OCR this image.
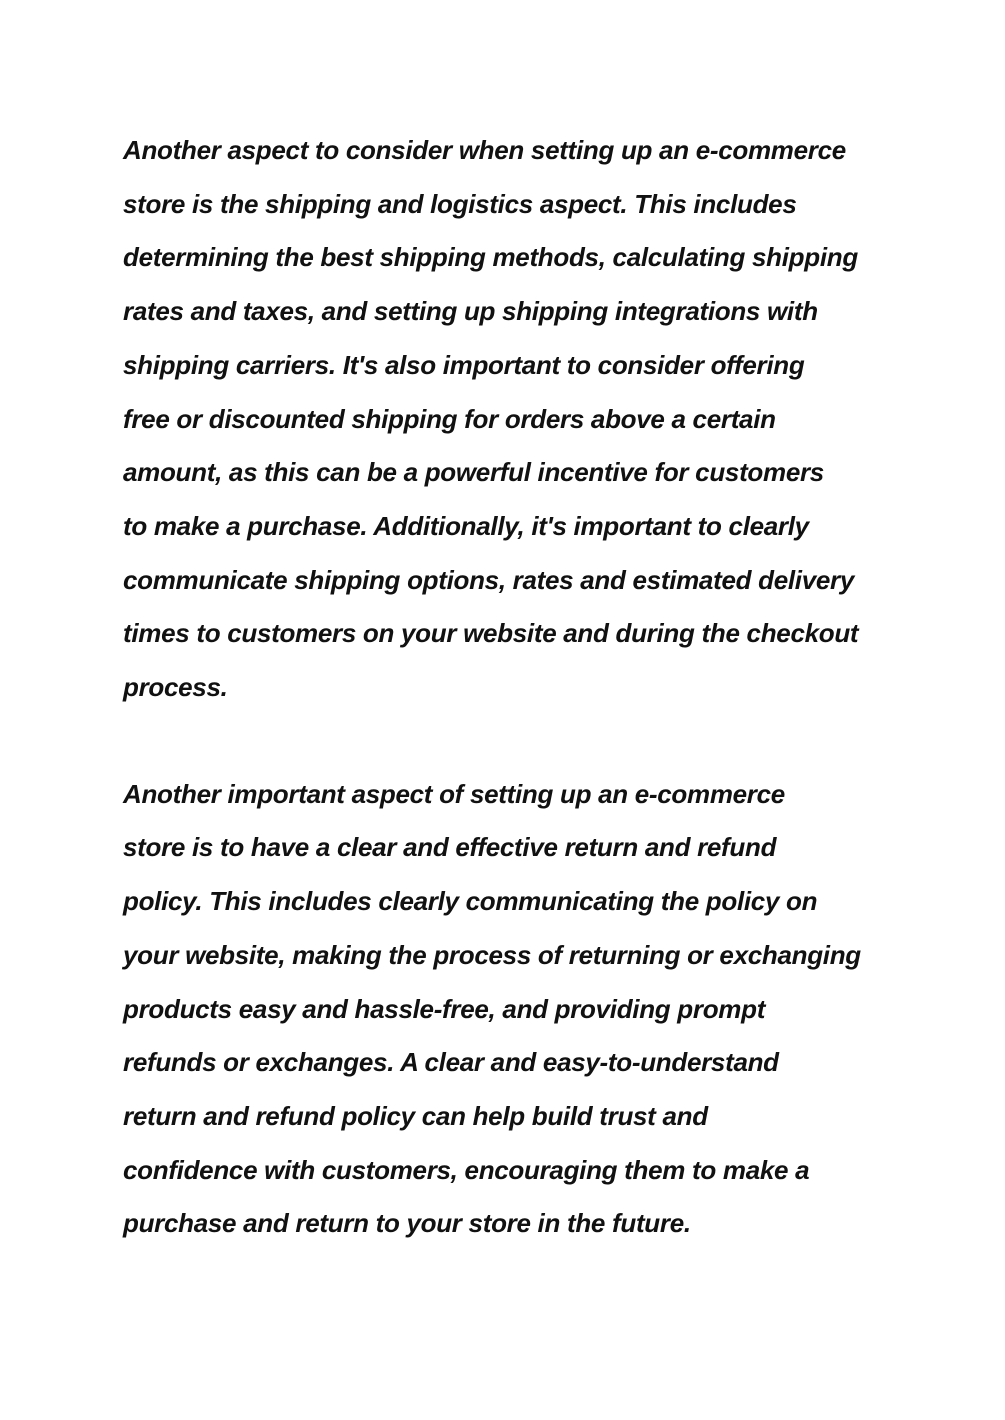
Another aspect to consider when setting up an e-commerce
store is the shipping and logistics aspect. This includes
determining the best shipping methods, calculating shipping
rates and taxes, and setting up shipping integrations with
shipping carriers. It's also important to consider offering
free or discounted shipping for orders above a certain
amount, as this can be a powerful incentive for customers
to make a purchase. Additionally, it's important to clearly
communicate shipping options, rates and estimated delivery
times to customers on your website and during the checkout
process.

Another important aspect of setting up an e-commerce
store is to have a clear and effective return and refund
policy. This includes clearly communicating the policy on
your website, making the process of returning or exchanging
products easy and hassle-free, and providing prompt
refunds or exchanges. A clear and easy-to-understand
return and refund policy can help build trust and
confidence with customers, encouraging them to make a
purchase and return to your store in the future.
